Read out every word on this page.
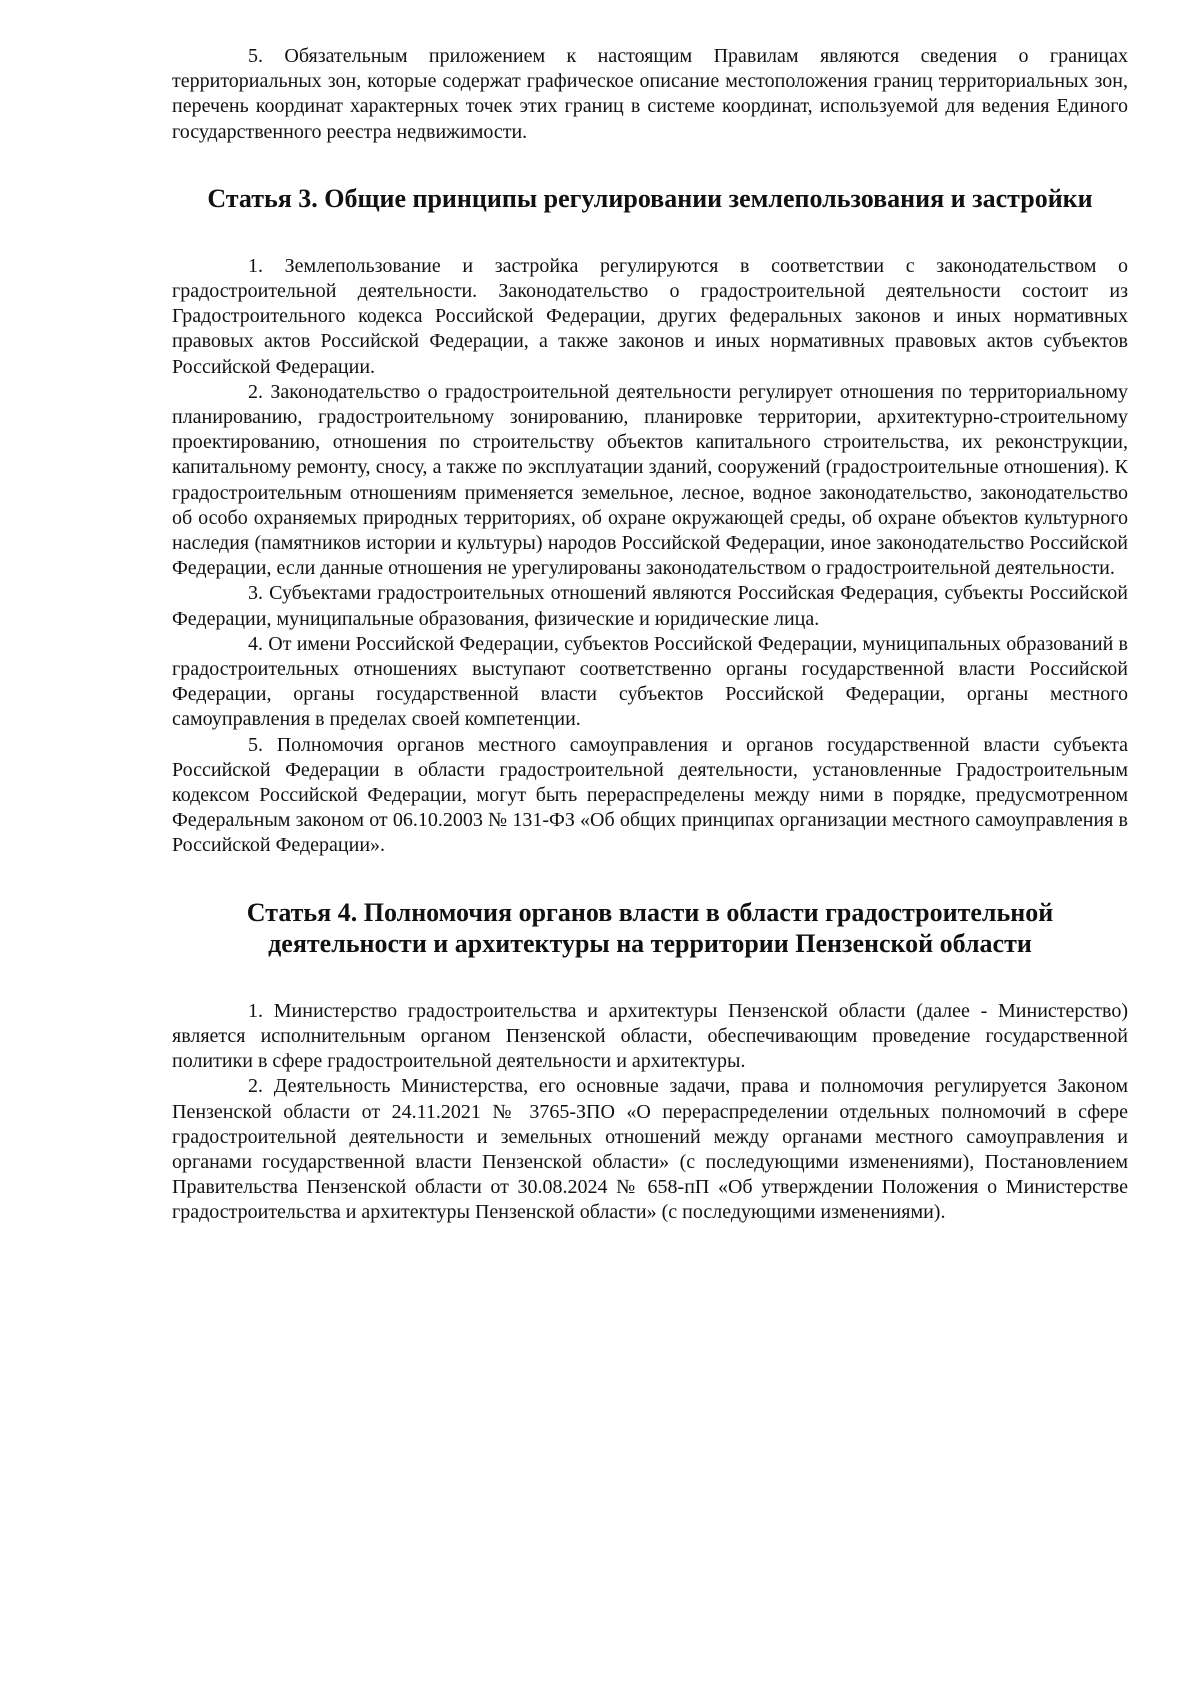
5. Обязательным приложением к настоящим Правилам являются сведения о границах территориальных зон, которые содержат графическое описание местоположения границ территориальных зон, перечень координат характерных точек этих границ в системе координат, используемой для ведения Единого государственного реестра недвижимости.

Статья 3. Общие принципы регулировании землепользования и застройки

1. Землепользование и застройка регулируются в соответствии с законодательством о градостроительной деятельности. Законодательство о градостроительной деятельности состоит из Градостроительного кодекса Российской Федерации, других федеральных законов и иных нормативных правовых актов Российской Федерации, а также законов и иных нормативных правовых актов субъектов Российской Федерации.

2. Законодательство о градостроительной деятельности регулирует отношения по территориальному планированию, градостроительному зонированию, планировке территории, архитектурно-строительному проектированию, отношения по строительству объектов капитального строительства, их реконструкции, капитальному ремонту, сносу, а также по эксплуатации зданий, сооружений (градостроительные отношения). К градостроительным отношениям применяется земельное, лесное, водное законодательство, законодательство об особо охраняемых природных территориях, об охране окружающей среды, об охране объектов культурного наследия (памятников истории и культуры) народов Российской Федерации, иное законодательство Российской Федерации, если данные отношения не урегулированы законодательством о градостроительной деятельности.

3. Субъектами градостроительных отношений являются Российская Федерация, субъекты Российской Федерации, муниципальные образования, физические и юридические лица.

4. От имени Российской Федерации, субъектов Российской Федерации, муниципальных образований в градостроительных отношениях выступают соответственно органы государственной власти Российской Федерации, органы государственной власти субъектов Российской Федерации, органы местного самоуправления в пределах своей компетенции.

5. Полномочия органов местного самоуправления и органов государственной власти субъекта Российской Федерации в области градостроительной деятельности, установленные Градостроительным кодексом Российской Федерации, могут быть перераспределены между ними в порядке, предусмотренном Федеральным законом от 06.10.2003 № 131-ФЗ «Об общих принципах организации местного самоуправления в Российской Федерации».

Статья 4. Полномочия органов власти в области градостроительной деятельности и архитектуры на территории Пензенской области

1. Министерство градостроительства и архитектуры Пензенской области (далее - Министерство) является исполнительным органом Пензенской области, обеспечивающим проведение государственной политики в сфере градостроительной деятельности и архитектуры.

2. Деятельность Министерства, его основные задачи, права и полномочия регулируется Законом Пензенской области от 24.11.2021 № 3765-ЗПО «О перераспределении отдельных полномочий в сфере градостроительной деятельности и земельных отношений между органами местного самоуправления и органами государственной власти Пензенской области» (с последующими изменениями), Постановлением Правительства Пензенской области от 30.08.2024 № 658-пП «Об утверждении Положения о Министерстве градостроительства и архитектуры Пензенской области» (с последующими изменениями).
